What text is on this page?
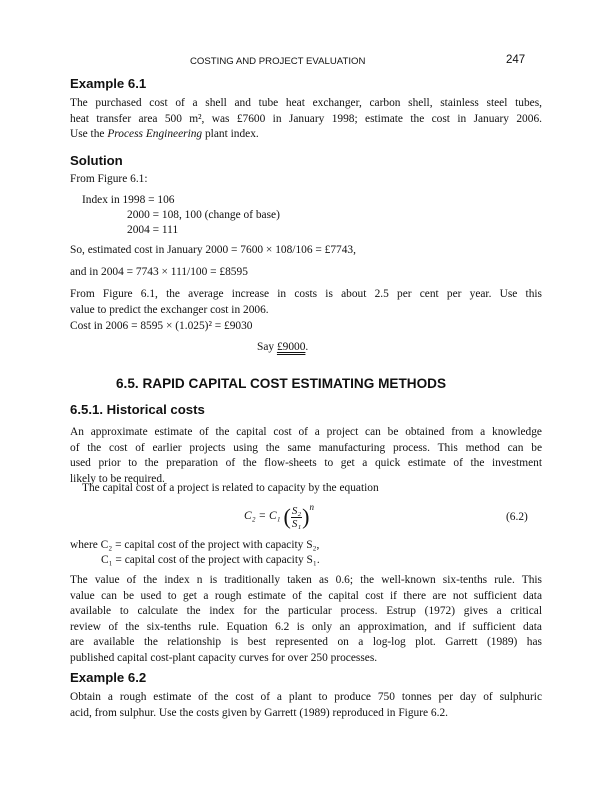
COSTING AND PROJECT EVALUATION	247
Example 6.1
The purchased cost of a shell and tube heat exchanger, carbon shell, stainless steel tubes,
heat transfer area 500 m², was £7600 in January 1998; estimate the cost in January 2006.
Use the Process Engineering plant index.
Solution
From Figure 6.1:
Index in 1998 = 106
2000 = 108, 100 (change of base)
2004 = 111
So, estimated cost in January 2000 = 7600 × 108/106 = £7743,
and in 2004 = 7743 × 111/100 = £8595
From Figure 6.1, the average increase in costs is about 2.5 per cent per year. Use this
value to predict the exchanger cost in 2006.
Cost in 2006 = 8595 × (1.025)² = £9030
Say £9000.
6.5. RAPID CAPITAL COST ESTIMATING METHODS
6.5.1. Historical costs
An approximate estimate of the capital cost of a project can be obtained from a knowledge
of the cost of earlier projects using the same manufacturing process. This method can be
used prior to the preparation of the flow-sheets to get a quick estimate of the investment
likely to be required.
The capital cost of a project is related to capacity by the equation
C₂ = C₁ ( $\frac{\text{S₂}}{\text{S₁}}$ ) n
(6.2)
where C₂ = capital cost of the project with capacity S₂,
C₁ = capital cost of the project with capacity S₁.
The value of the index n is traditionally taken as 0.6; the well-known six-tenths rule. This
value can be used to get a rough estimate of the capital cost if there are not sufficient data
available to calculate the index for the particular process. Estrup (1972) gives a critical
review of the six-tenths rule. Equation 6.2 is only an approximation, and if sufficient data
are available the relationship is best represented on a log-log plot. Garrett (1989) has
published capital cost-plant capacity curves for over 250 processes.
Example 6.2
Obtain a rough estimate of the cost of a plant to produce 750 tonnes per day of sulphuric
acid, from sulphur. Use the costs given by Garrett (1989) reproduced in Figure 6.2.
